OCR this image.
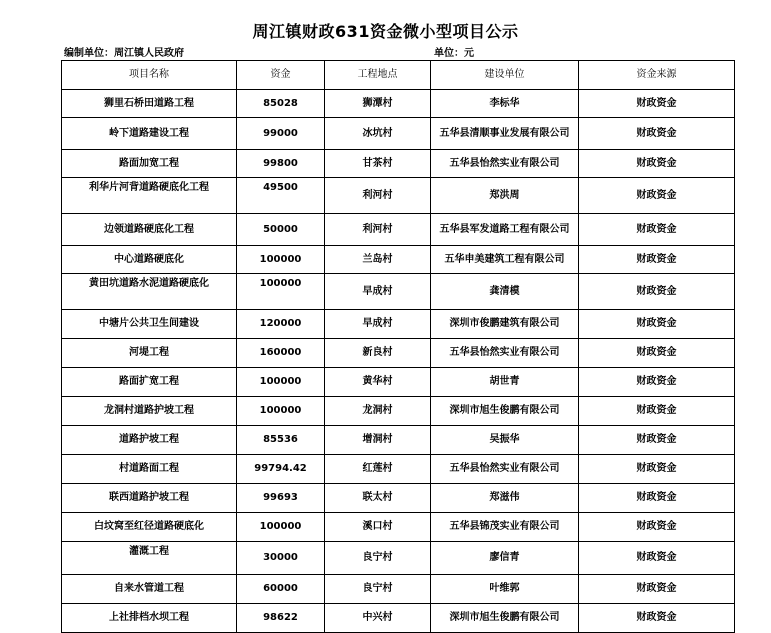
周江镇财政631资金微小型项目公示
编制单位：周江镇人民政府	单位：元
项目名称	资金	工程地点	建设单位	资金来源
狮里石桥田道路工程	85028	狮潭村	李标华	财政资金
岭下道路建设工程	99000	冰坑村	五华县清顺事业发展有限公司	财政资金
路面加宽工程	99800	甘茶村	五华县怡然实业有限公司	财政资金
利华片河背道路硬底化工程	49500	利河村	郑洪周	财政资金
边领道路硬底化工程	50000	利河村	五华县军发道路工程有限公司	财政资金
中心道路硬底化	100000	兰岛村	五华申美建筑工程有限公司	财政资金
黄田坑道路水泥道路硬底化	100000	早成村	龚清模	财政资金
中塘片公共卫生间建设	120000	早成村	深圳市俊鹏建筑有限公司	财政资金
河堤工程	160000	新良村	五华县怡然实业有限公司	财政资金
路面扩宽工程	100000	黄华村	胡世青	财政资金
龙洞村道路护坡工程	100000	龙洞村	深圳市旭生俊鹏有限公司	财政资金
道路护坡工程	85536	增洞村	吴振华	财政资金
村道路面工程	99794.42	红莲村	五华县怡然实业有限公司	财政资金
联西道路护坡工程	99693	联太村	郑滋伟	财政资金
白坟窝至红径道路硬底化	100000	溪口村	五华县锦茂实业有限公司	财政资金
灌溉工程	30000	良宁村	廖信青	财政资金
自来水管道工程	60000	良宁村	叶维郭	财政资金
上社排档水坝工程	98622	中兴村	深圳市旭生俊鹏有限公司	财政资金
